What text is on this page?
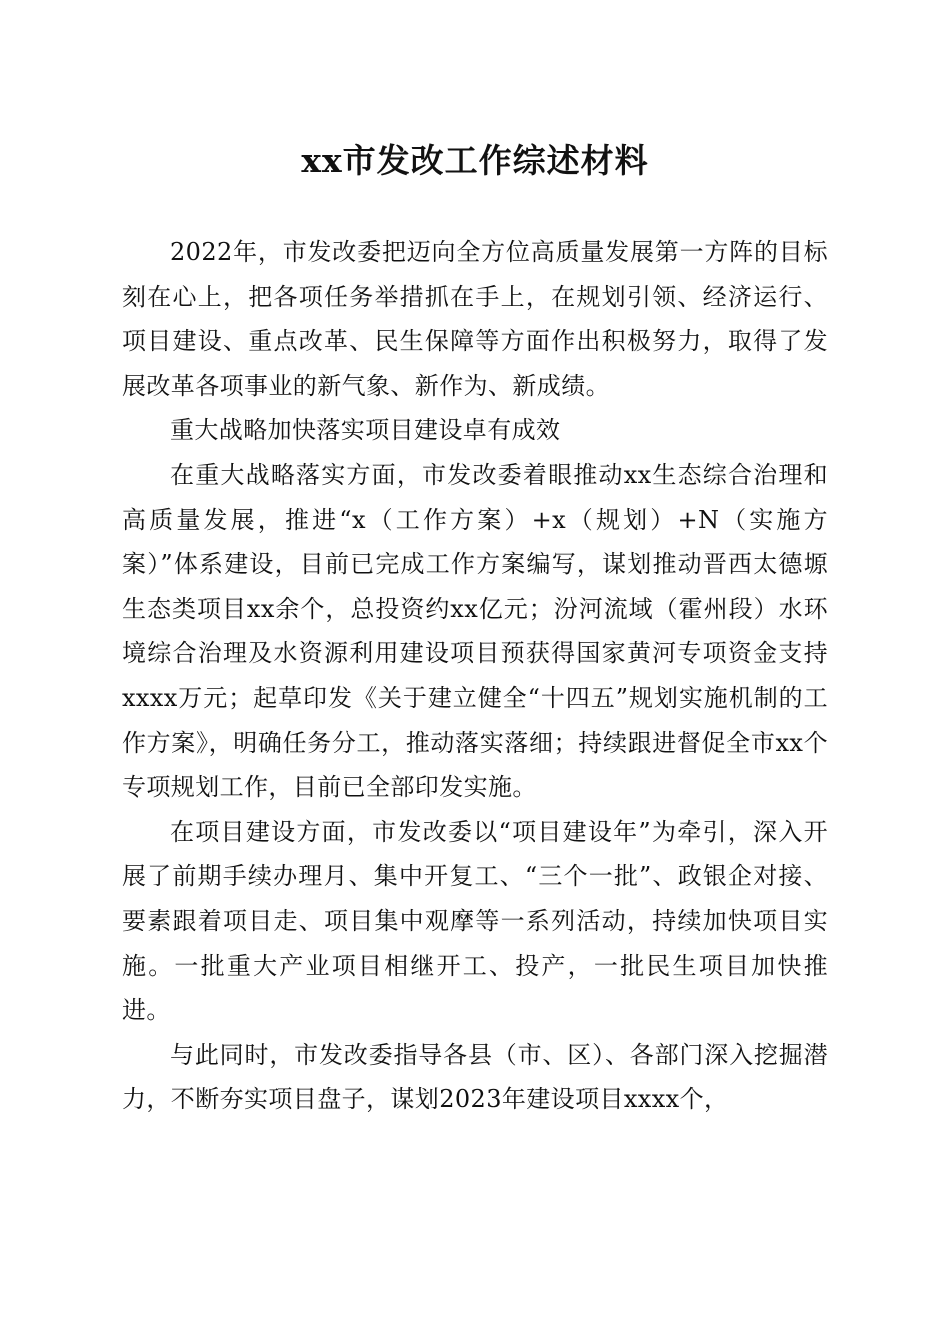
xx市发改工作综述材料

2022年，市发改委把迈向全方位高质量发展第一方阵的目标刻在心上，把各项任务举措抓在手上，在规划引领、经济运行、项目建设、重点改革、民生保障等方面作出积极努力，取得了发展改革各项事业的新气象、新作为、新成绩。

重大战略加快落实项目建设卓有成效

在重大战略落实方面，市发改委着眼推动xx生态综合治理和高质量发展，推进“x（工作方案）+x（规划）+N（实施方案）”体系建设，目前已完成工作方案编写，谋划推动晋西太德塬生态类项目xx余个，总投资约xx亿元；汾河流域（霍州段）水环境综合治理及水资源利用建设项目预获得国家黄河专项资金支持xxxx万元；起草印发《关于建立健全“十四五”规划实施机制的工作方案》，明确任务分工，推动落实落细；持续跟进督促全市xx个专项规划工作，目前已全部印发实施。

在项目建设方面，市发改委以“项目建设年”为牵引，深入开展了前期手续办理月、集中开复工、“三个一批”、政银企对接、要素跟着项目走、项目集中观摩等一系列活动，持续加快项目实施。一批重大产业项目相继开工、投产，一批民生项目加快推进。

与此同时，市发改委指导各县（市、区）、各部门深入挖掘潜力，不断夯实项目盘子，谋划2023年建设项目xxxx个，
